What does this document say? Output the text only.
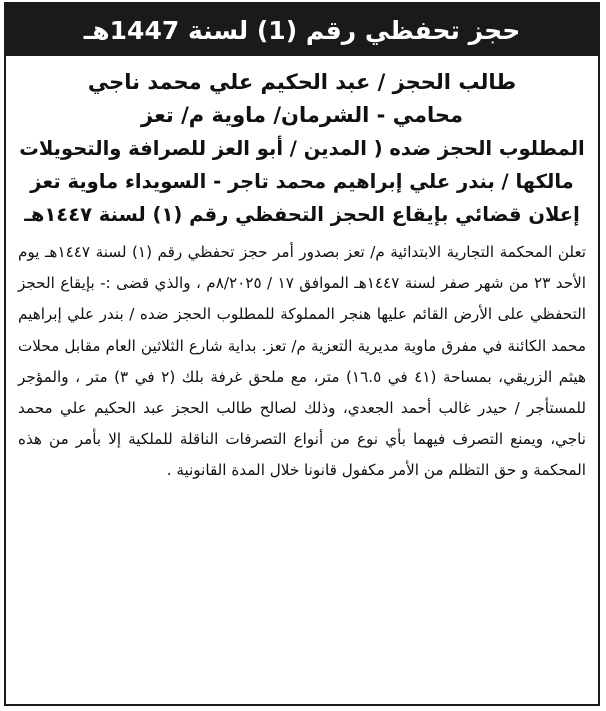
حجز تحفظي رقم (1) لسنة 1447هـ
طالب الحجز / عبد الحكيم علي محمد ناجي
محامي - الشرمان/ ماوية م/ تعز
المطلوب الحجز ضده ( المدين / أبو العز للصرافة والتحويلات
مالكها / بندر علي إبراهيم محمد تاجر - السويداء ماوية تعز
إعلان قضائي بإيقاع الحجز التحفظي رقم (١) لسنة ١٤٤٧هـ
تعلن المحكمة التجارية الابتدائية م/ تعز بصدور أمر حجز تحفظي رقم (١) لسنة ١٤٤٧هـ يوم الأحد ٢٣ من شهر صفر لسنة ١٤٤٧هـ الموافق ١٧ / ٨/٢٠٢٥م ، والذي قضى :- بإيقاع الحجز التحفظي على الأرض القائم عليها هنجر المملوكة للمطلوب الحجز ضده / بندر علي إبراهيم محمد الكائنة في مفرق ماوية مديرية التعزية م/ تعز. بداية شارع الثلاثين العام مقابل محلات هيثم الزريقي، بمساحة (٤١ في ١٦.٥) متر، مع ملحق غرفة بلك (٢ في ٣) متر ، والمؤجر للمستأجر / حيدر غالب أحمد الجعدي، وذلك لصالح طالب الحجز عبد الحكيم علي محمد ناجي، ويمنع التصرف فيهما بأي نوع من أنواع التصرفات الناقلة للملكية إلا بأمر من هذه المحكمة و حق التظلم من الأمر مكفول قانونا خلال المدة القانونية .
